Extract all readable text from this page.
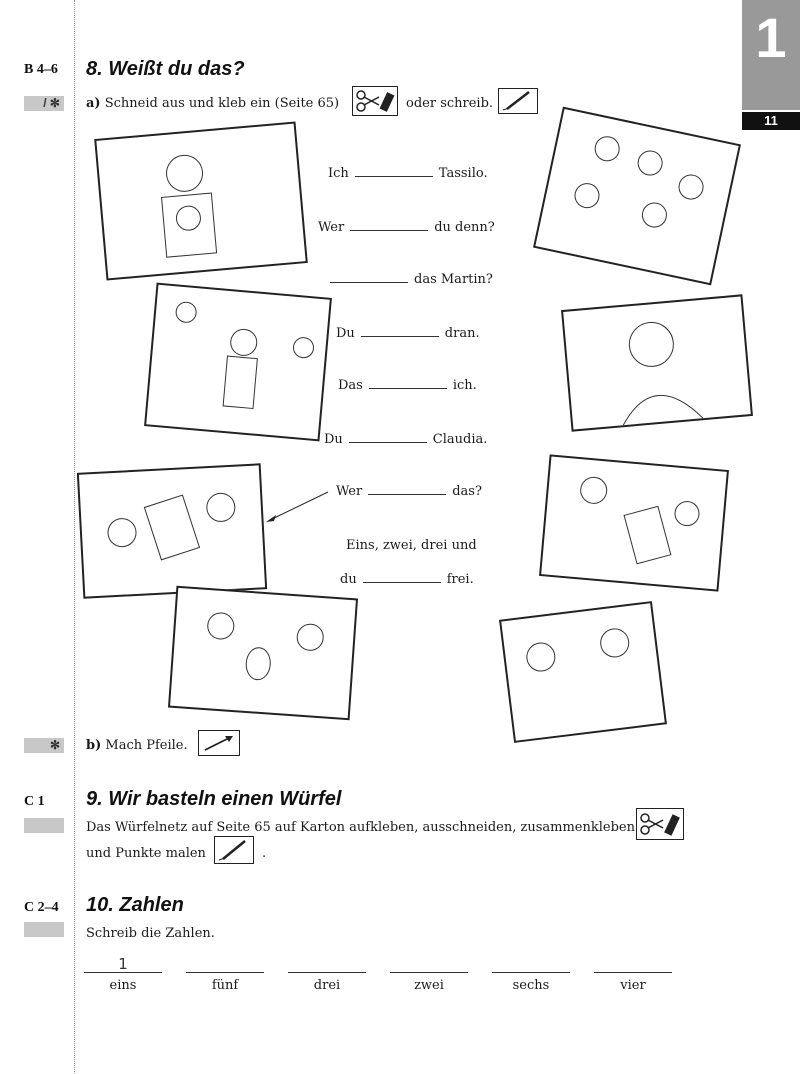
1
11
B 4–6
/ ✻
8. Weißt du das?
a) Schneid aus und kleb ein (Seite 65)	oder schreib.
Ich	Tassilo.
Wer	du denn?
das Martin?
Du	dran.
Das	ich.
Du	Claudia.
Wer	das?
Eins, zwei, drei und
du	frei.
✻	b) Mach Pfeile.
C 1 9. Wir basteln einen Würfel
Das Würfelnetz auf Seite 65 auf Karton aufkleben, ausschneiden, zusammenkleben
und Punkte malen	.
C 2–4 10. Zahlen
Schreib die Zahlen.
1
eins	fünf	drei	zwei	sechs	vier
